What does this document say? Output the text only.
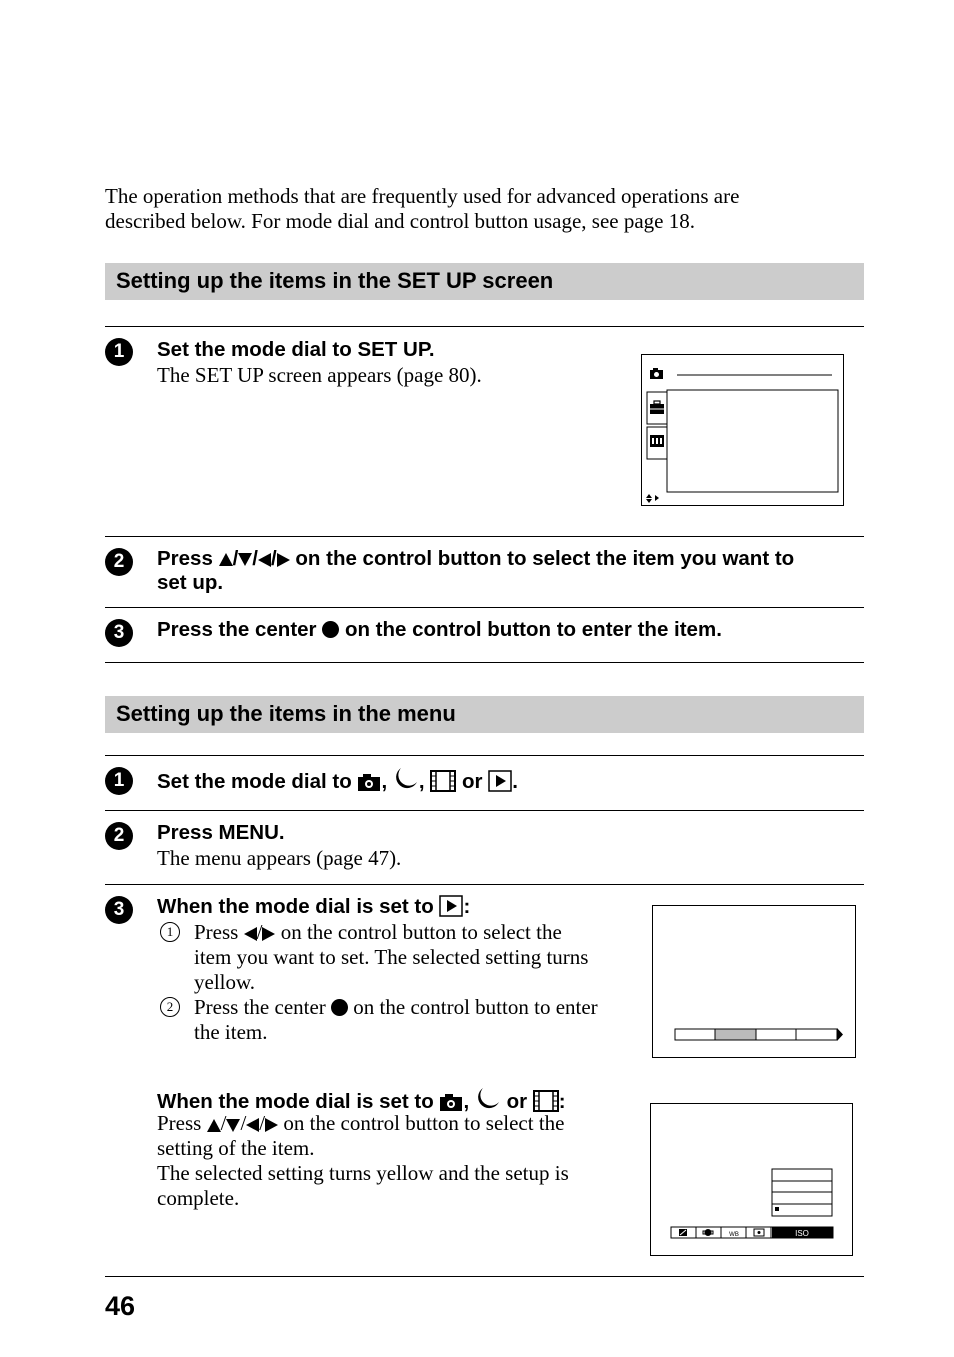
The operation methods that are frequently used for advanced operations are
described below. For mode dial and control button usage, see page 18.
Setting up the items in the SET UP screen
1	Set the mode dial to SET UP.
The SET UP screen appears (page 80).
2	Press / / / on the control button to select the item you want to
set up.
3	Press the center on the control button to enter the item.
Setting up the items in the menu
1	Set the mode dial to , , or .
2	Press MENU.
The menu appears (page 47).
3	When the mode dial is set to :
1 Press / on the control button to select the
item you want to set. The selected setting turns
yellow.
2 Press the center on the control button to enter
the item.
When the mode dial is set to , or :
Press / / / on the control button to select the
setting of the item.
The selected setting turns yellow and the setup is
complete.
WB	ISO
46
